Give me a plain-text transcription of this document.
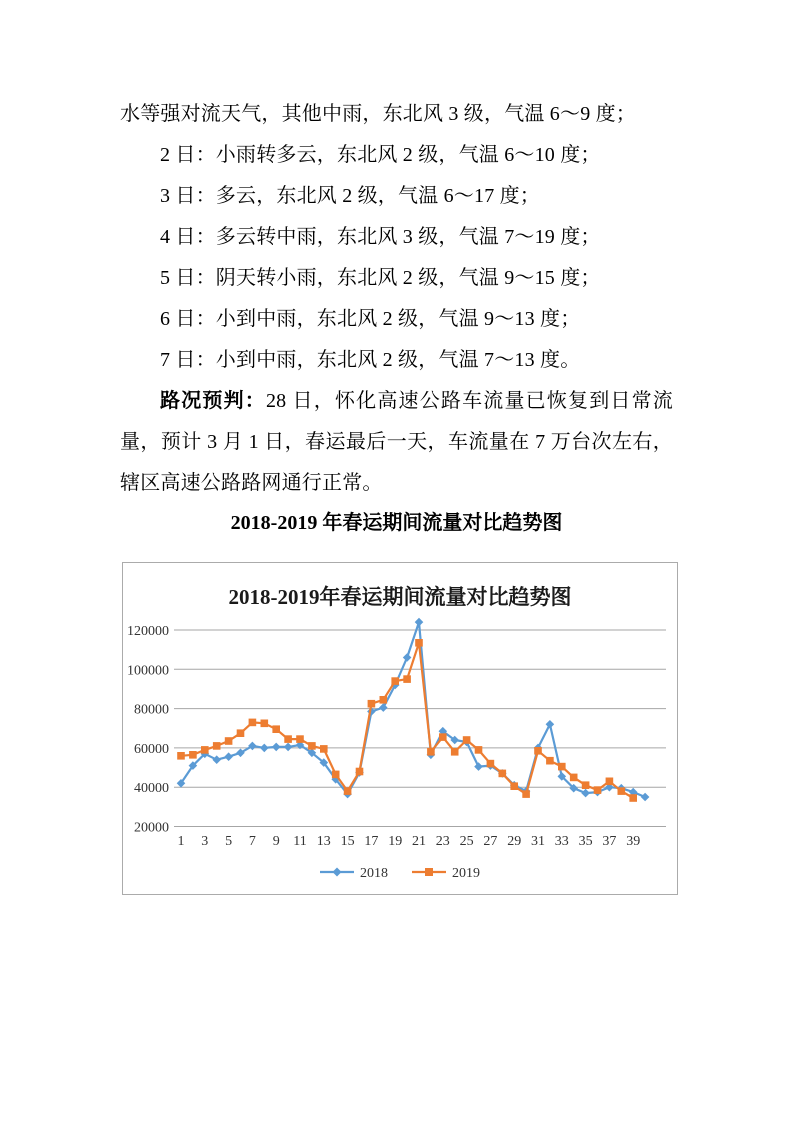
水等强对流天气，其他中雨，东北风 3 级，气温 6～9 度；

2 日：小雨转多云，东北风 2 级，气温 6～10 度；

3 日：多云，东北风 2 级，气温 6～17 度；

4 日：多云转中雨，东北风 3 级，气温 7～19 度；

5 日：阴天转小雨，东北风 2 级，气温 9～15 度；

6 日：小到中雨，东北风 2 级，气温 9～13 度；

7 日：小到中雨，东北风 2 级，气温 7～13 度。

路况预判：28 日，怀化高速公路车流量已恢复到日常流量，预计 3 月 1 日，春运最后一天，车流量在 7 万台次左右，辖区高速公路路网通行正常。

2018-2019 年春运期间流量对比趋势图
2018-2019年春运期间流量对比趋势图
20000
40000
60000
80000
100000
120000
1 3 5 7 9 11 13 15 17 19 21 23 25 27 29 31 33 35 37 39
2018	2019
